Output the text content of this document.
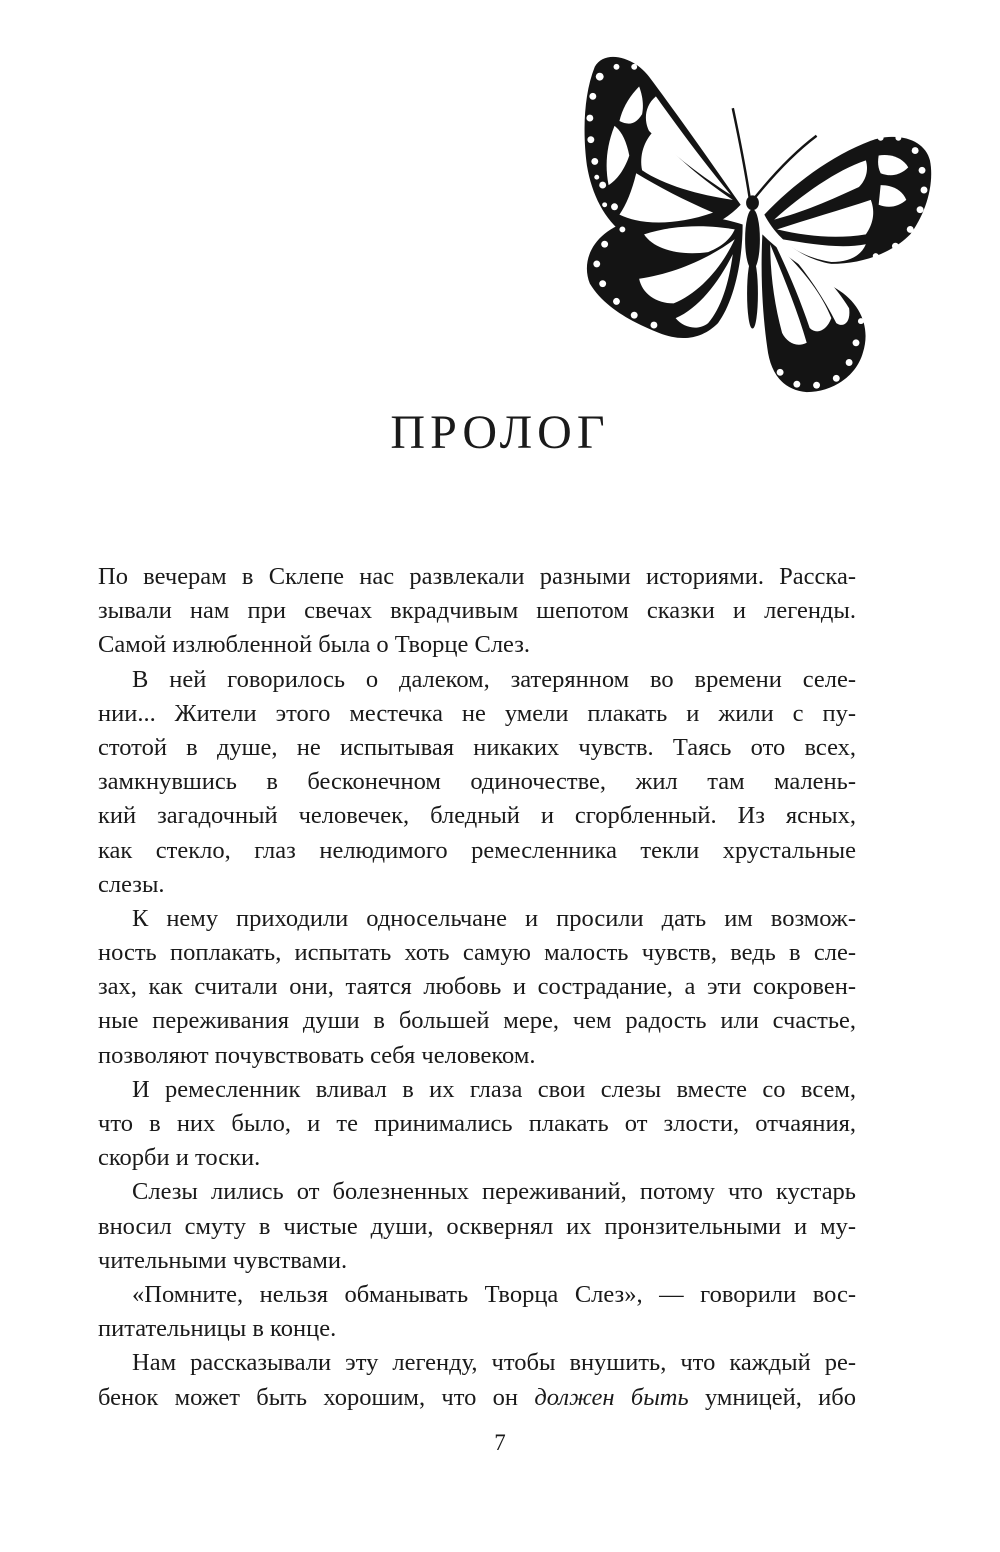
ПРОЛОГ
По вечерам в Склепе нас развлекали разными историями. Расска-
зывали нам при свечах вкрадчивым шепотом сказки и легенды.
Самой излюбленной была о Творце Слез.
В ней говорилось о далеком, затерянном во времени селе-
нии... Жители этого местечка не умели плакать и жили с пу-
стотой в душе, не испытывая никаких чувств. Таясь ото всех,
замкнувшись в бесконечном одиночестве, жил там малень-
кий загадочный человечек, бледный и сгорбленный. Из ясных,
как стекло, глаз нелюдимого ремесленника текли хрустальные
слезы.
К нему приходили односельчане и просили дать им возмож-
ность поплакать, испытать хоть самую малость чувств, ведь в сле-
зах, как считали они, таятся любовь и сострадание, а эти сокровен-
ные переживания души в большей мере, чем радость или счастье,
позволяют почувствовать себя человеком.
И ремесленник вливал в их глаза свои слезы вместе со всем,
что в них было, и те принимались плакать от злости, отчаяния,
скорби и тоски.
Слезы лились от болезненных переживаний, потому что кустарь
вносил смуту в чистые души, осквернял их пронзительными и му-
чительными чувствами.
«Помните, нельзя обманывать Творца Слез», — говорили вос-
питательницы в конце.
Нам рассказывали эту легенду, чтобы внушить, что каждый ре-
бенок может быть хорошим, что он должен быть умницей, ибо
7
